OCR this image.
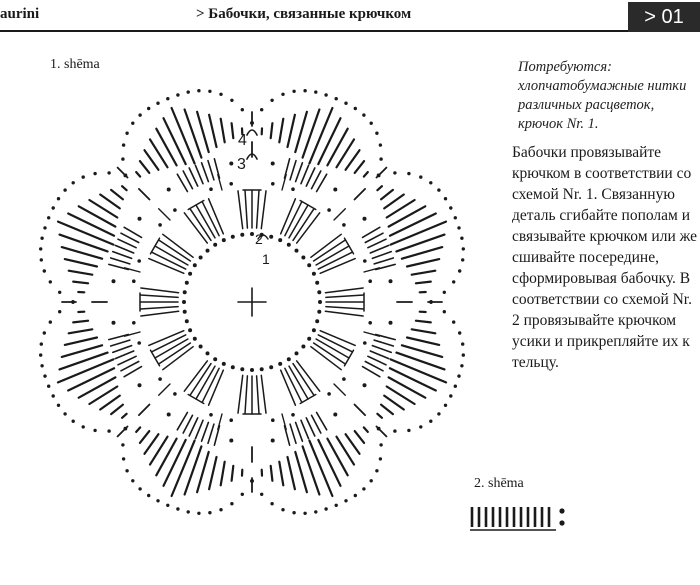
aurini	> Бабочки, связанные крючком	> 01
1. shēma
4
3
2
1

Потребуются: хлопчатобумажные нитки различных расцветок, крючок Nr. 1.

Бабочки провязывайте крючком в соответствии со схемой Nr. 1. Связанную деталь сгибайте пополам и связывайте крючком или же сшивайте посередине, сформировывая бабочку. В соответствии со схемой Nr. 2 провязывайте крючком усики и прикрепляйте их к тельцу.

2. shēma
